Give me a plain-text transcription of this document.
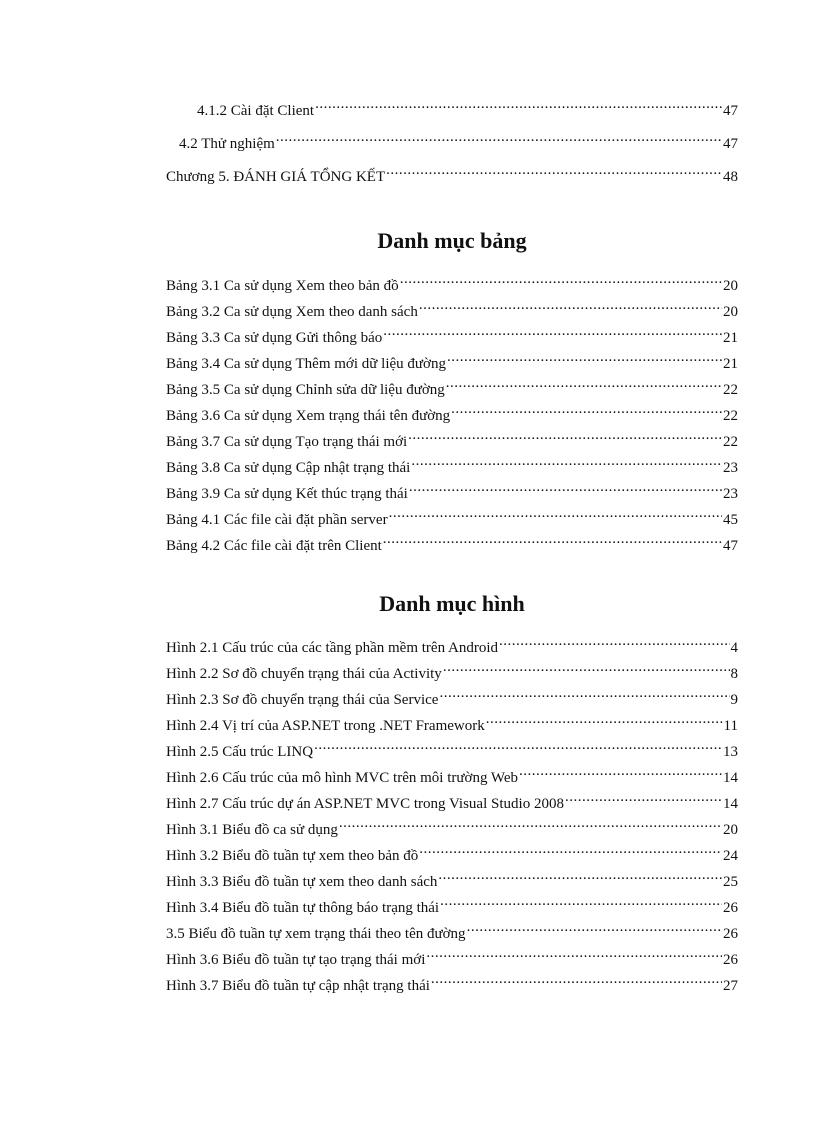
4.1.2 Cài đặt Client .....	47
4.2 Thử nghiệm .....	47
Chương 5. ĐÁNH GIÁ TỔNG KẾT .....	48
Danh mục bảng
Bảng 3.1 Ca sử dụng Xem theo bản đồ .....	20
Bảng 3.2 Ca sử dụng Xem theo danh sách .....	20
Bảng 3.3 Ca sử dụng Gửi thông báo .....	21
Bảng 3.4 Ca sử dụng Thêm mới dữ liệu đường .....	21
Bảng 3.5 Ca sử dụng Chỉnh sửa dữ liệu đường .....	22
Bảng 3.6 Ca sử dụng Xem trạng thái tên đường .....	22
Bảng 3.7 Ca sử dụng Tạo trạng thái mới .....	22
Bảng 3.8 Ca sử dụng Cập nhật trạng thái .....	23
Bảng 3.9 Ca sử dụng Kết thúc trạng thái .....	23
Bảng 4.1 Các file cài đặt phần server .....	45
Bảng 4.2 Các file cài đặt trên Client .....	47
Danh mục hình
Hình 2.1 Cấu trúc của các tầng phần mềm trên Android .....	4
Hình 2.2 Sơ đồ chuyển trạng thái của Activity .....	8
Hình 2.3 Sơ đồ chuyển trạng thái của Service .....	9
Hình 2.4 Vị trí của ASP.NET trong .NET Framework .....	11
Hình 2.5 Cấu trúc LINQ .....	13
Hình 2.6 Cấu trúc của mô hình MVC trên môi trường Web .....	14
Hình 2.7 Cấu trúc dự án ASP.NET MVC trong Visual Studio 2008 .....	14
Hình 3.1 Biểu đồ ca sử dụng .....	20
Hình 3.2 Biểu đồ tuần tự xem theo bản đồ .....	24
Hình 3.3 Biểu đồ tuần tự xem theo danh sách .....	25
Hình 3.4 Biểu đồ tuần tự thông báo trạng thái .....	26
3.5 Biểu đồ tuần tự xem trạng thái theo tên đường .....	26
Hình 3.6 Biểu đồ tuần tự tạo trạng thái mới .....	26
Hình 3.7 Biểu đồ tuần tự cập nhật trạng thái .....	27
